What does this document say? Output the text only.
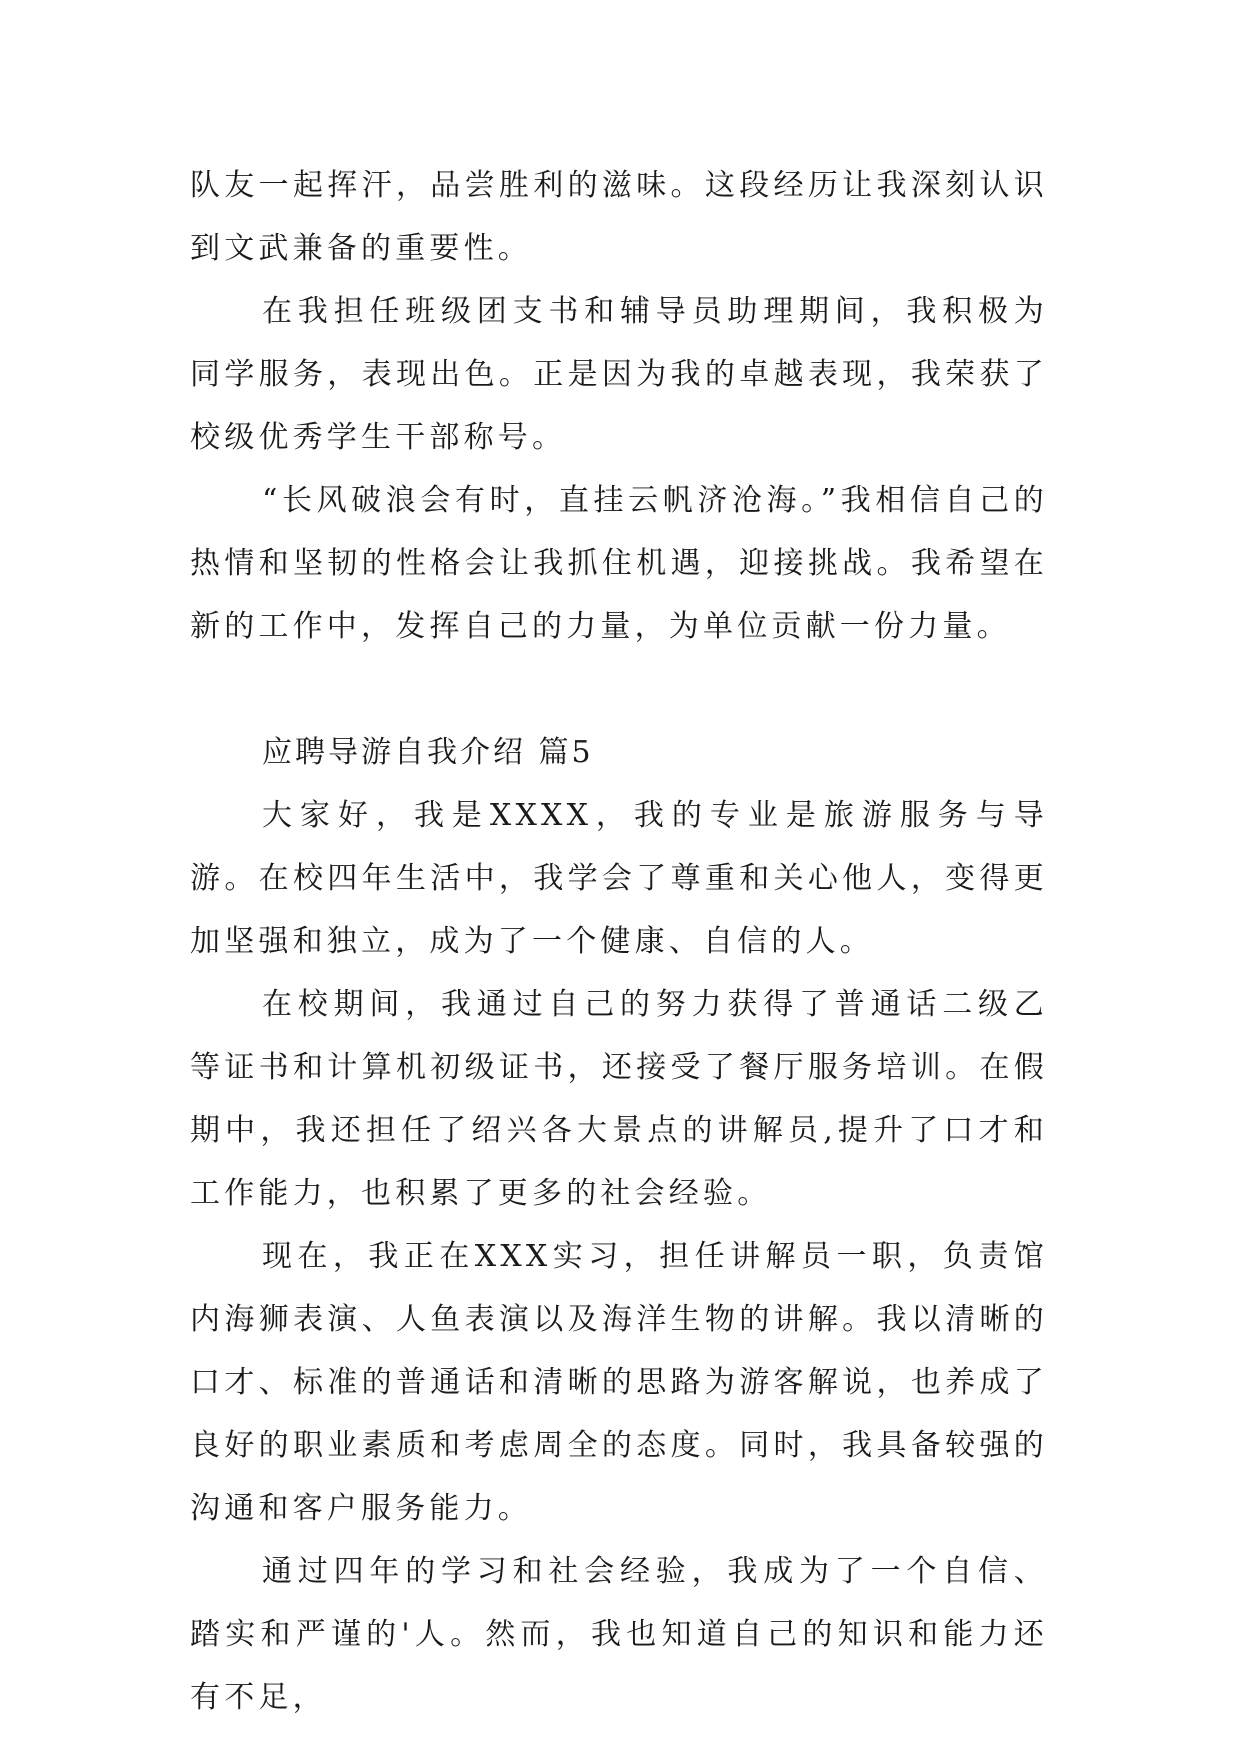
队友一起挥汗，品尝胜利的滋味。这段经历让我深刻认识到文武兼备的重要性。

在我担任班级团支书和辅导员助理期间，我积极为同学服务，表现出色。正是因为我的卓越表现，我荣获了校级优秀学生干部称号。

“长风破浪会有时，直挂云帆济沧海。”我相信自己的热情和坚韧的性格会让我抓住机遇，迎接挑战。我希望在新的工作中，发挥自己的力量，为单位贡献一份力量。

应聘导游自我介绍 篇5

大家好，我是XXXX，我的专业是旅游服务与导游。在校四年生活中，我学会了尊重和关心他人，变得更加坚强和独立，成为了一个健康、自信的人。

在校期间，我通过自己的努力获得了普通话二级乙等证书和计算机初级证书，还接受了餐厅服务培训。在假期中，我还担任了绍兴各大景点的讲解员,提升了口才和工作能力，也积累了更多的社会经验。

现在，我正在XXX实习，担任讲解员一职，负责馆内海狮表演、人鱼表演以及海洋生物的讲解。我以清晰的口才、标准的普通话和清晰的思路为游客解说，也养成了良好的职业素质和考虑周全的态度。同时，我具备较强的沟通和客户服务能力。

通过四年的学习和社会经验，我成为了一个自信、踏实和严谨的'人。然而，我也知道自己的知识和能力还有不足，
